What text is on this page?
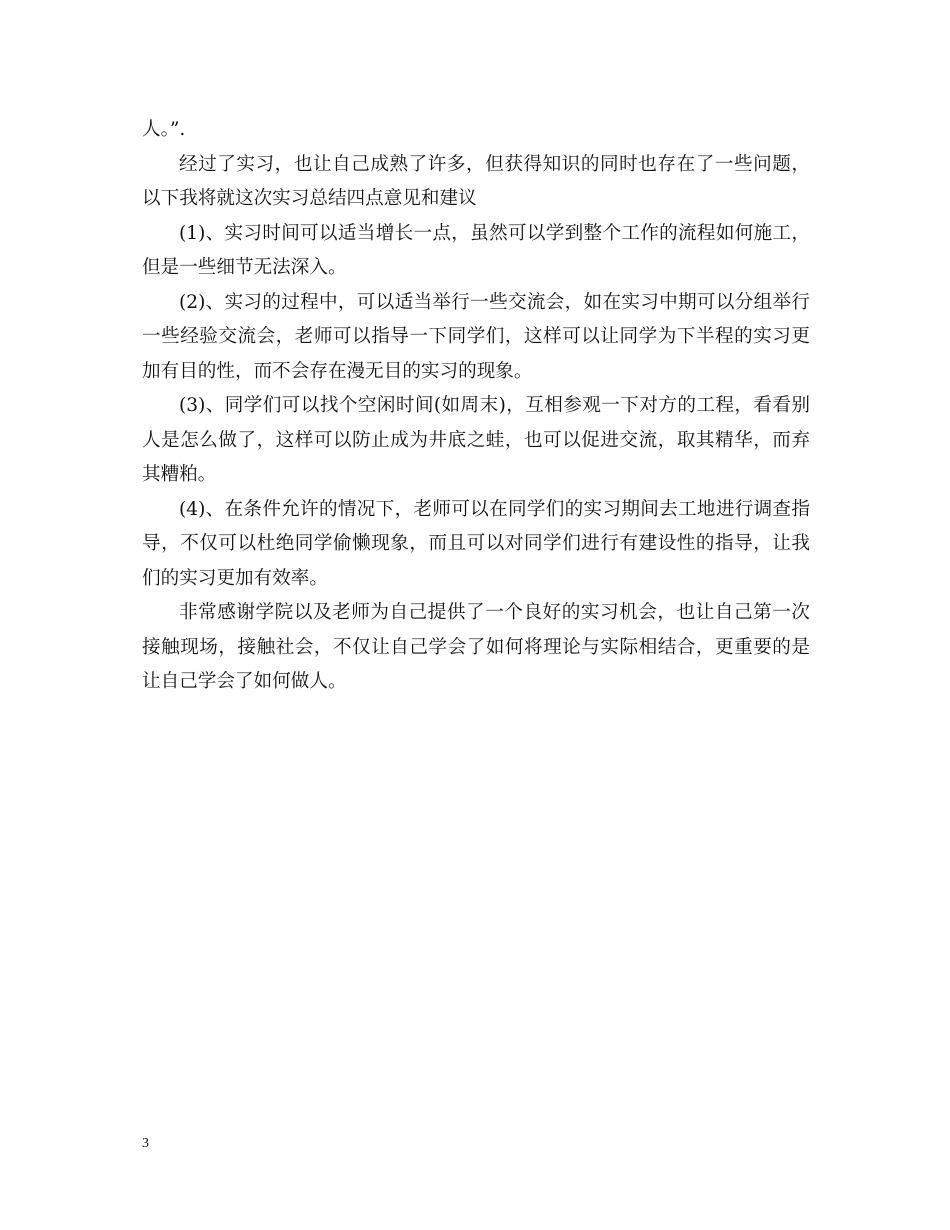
人。”.

经过了实习，也让自己成熟了许多，但获得知识的同时也存在了一些问题，以下我将就这次实习总结四点意见和建议

(1)、实习时间可以适当增长一点，虽然可以学到整个工作的流程如何施工，但是一些细节无法深入。

(2)、实习的过程中，可以适当举行一些交流会，如在实习中期可以分组举行一些经验交流会，老师可以指导一下同学们，这样可以让同学为下半程的实习更加有目的性，而不会存在漫无目的实习的现象。

(3)、同学们可以找个空闲时间(如周末)，互相参观一下对方的工程，看看别人是怎么做了，这样可以防止成为井底之蛙，也可以促进交流，取其精华，而弃其糟粕。

(4)、在条件允许的情况下，老师可以在同学们的实习期间去工地进行调查指导，不仅可以杜绝同学偷懒现象，而且可以对同学们进行有建设性的指导，让我们的实习更加有效率。

非常感谢学院以及老师为自己提供了一个良好的实习机会，也让自己第一次接触现场，接触社会，不仅让自己学会了如何将理论与实际相结合，更重要的是让自己学会了如何做人。

3
